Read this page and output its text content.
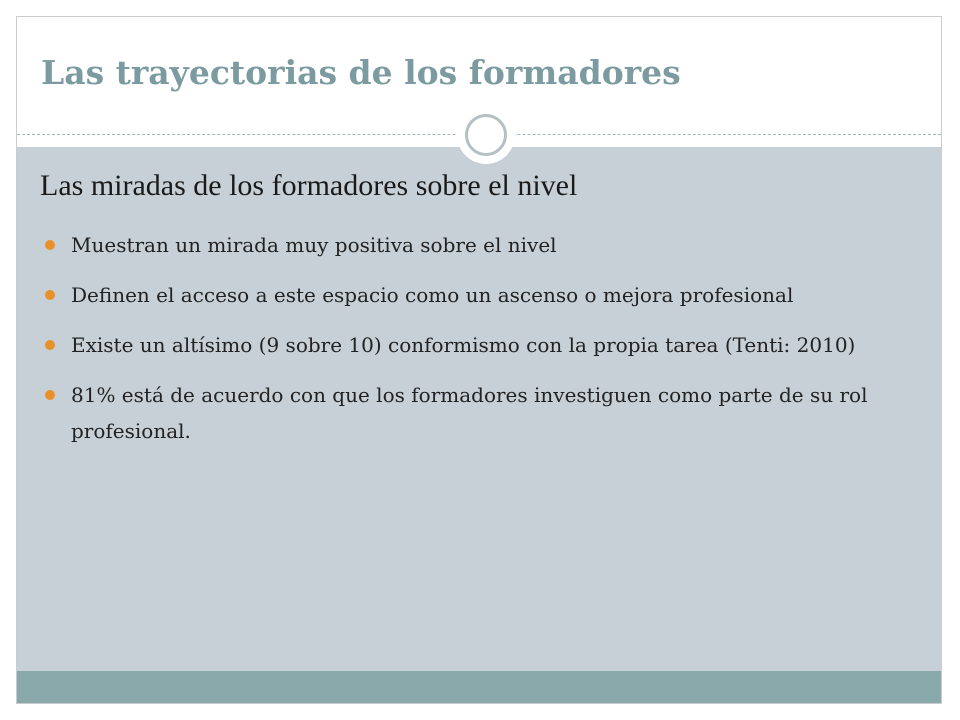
Las trayectorias de los formadores
Las miradas de los formadores sobre el nivel
Muestran un mirada muy positiva sobre el nivel
Definen el acceso a este espacio como un ascenso o mejora profesional
Existe un altísimo (9 sobre 10) conformismo con la propia tarea (Tenti: 2010)
81% está de acuerdo con que los formadores investiguen como parte de su rol profesional.
